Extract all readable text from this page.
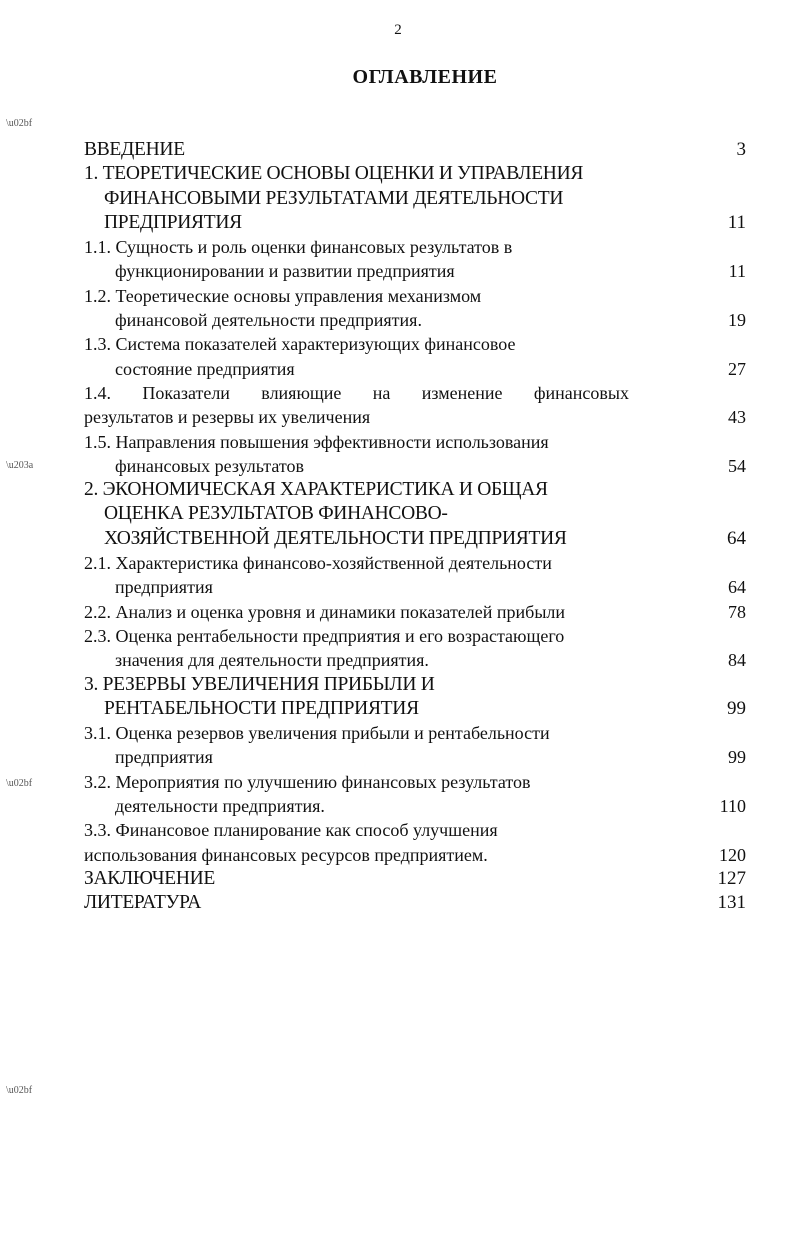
2
ОГЛАВЛЕНИЕ
\u02bf
\u203a
\u02bf
\u02bf
ВВЕДЕНИЕ	3
1. ТЕОРЕТИЧЕСКИЕ ОСНОВЫ ОЦЕНКИ И УПРАВЛЕНИЯ
ФИНАНСОВЫМИ РЕЗУЛЬТАТАМИ ДЕЯТЕЛЬНОСТИ
ПРЕДПРИЯТИЯ	11
1.1. Сущность и роль оценки финансовых результатов в
функционировании и развитии предприятия	11
1.2. Теоретические основы управления механизмом
финансовой деятельности предприятия.	19
1.3. Система показателей характеризующих финансовое
состояние предприятия	27
1.4. Показатели влияющие на изменение финансовых
результатов и резервы их увеличения	43
1.5. Направления повышения эффективности использования
финансовых результатов	54
2. ЭКОНОМИЧЕСКАЯ ХАРАКТЕРИСТИКА И ОБЩАЯ
ОЦЕНКА РЕЗУЛЬТАТОВ ФИНАНСОВО-
ХОЗЯЙСТВЕННОЙ ДЕЯТЕЛЬНОСТИ ПРЕДПРИЯТИЯ	64
2.1. Характеристика финансово-хозяйственной деятельности
предприятия	64
2.2. Анализ и оценка уровня и динамики показателей прибыли	78
2.3. Оценка рентабельности предприятия и его возрастающего
значения для деятельности предприятия.	84
3. РЕЗЕРВЫ УВЕЛИЧЕНИЯ ПРИБЫЛИ И
РЕНТАБЕЛЬНОСТИ ПРЕДПРИЯТИЯ	99
3.1. Оценка резервов увеличения прибыли и рентабельности
предприятия	99
3.2. Мероприятия по улучшению финансовых результатов
деятельности предприятия.	110
3.3. Финансовое планирование как способ улучшения
использования финансовых ресурсов предприятием.	120
ЗАКЛЮЧЕНИЕ	127
ЛИТЕРАТУРА	131
